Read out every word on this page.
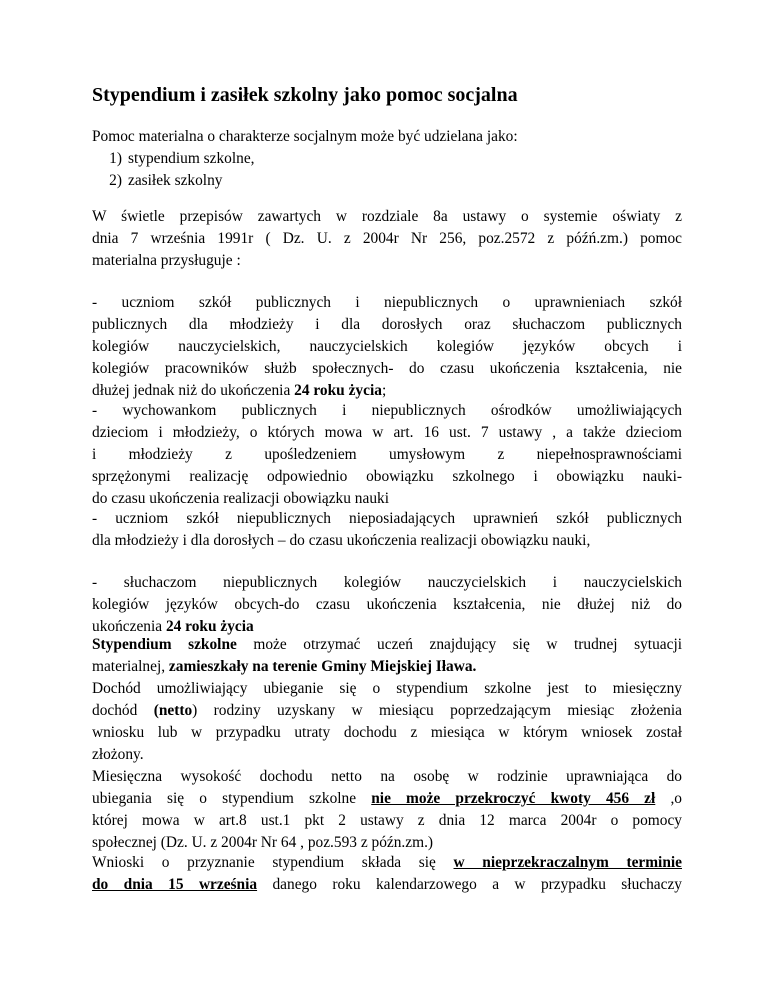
Stypendium i zasiłek szkolny jako pomoc socjalna

Pomoc materialna o charakterze socjalnym może być udzielana jako:

1) stypendium szkolne,
2) zasiłek szkolny

W świetle przepisów zawartych w rozdziale 8a ustawy o systemie oświaty z
dnia 7 września 1991r ( Dz. U. z 2004r Nr 256, poz.2572 z późń.zm.) pomoc
materialna przysługuje :

- uczniom szkół publicznych i niepublicznych o uprawnieniach szkół
publicznych dla młodzieży i dla dorosłych oraz słuchaczom publicznych
kolegiów nauczycielskich, nauczycielskich kolegiów języków obcych i
kolegiów pracowników służb społecznych- do czasu ukończenia kształcenia, nie
dłużej jednak niż do ukończenia 24 roku życia;

- wychowankom publicznych i niepublicznych ośrodków umożliwiających
dzieciom i młodzieży, o których mowa w art. 16 ust. 7 ustawy , a także dzieciom
i młodzieży z upośledzeniem umysłowym z niepełnosprawnościami
sprzężonymi realizację odpowiednio obowiązku szkolnego i obowiązku nauki-
do czasu ukończenia realizacji obowiązku nauki

- uczniom szkół niepublicznych nieposiadających uprawnień szkół publicznych
dla młodzieży i dla dorosłych – do czasu ukończenia realizacji obowiązku nauki,

- słuchaczom niepublicznych kolegiów nauczycielskich i nauczycielskich
kolegiów języków obcych-do czasu ukończenia kształcenia, nie dłużej niż do
ukończenia 24 roku życia

Stypendium szkolne może otrzymać uczeń znajdujący się w trudnej sytuacji
materialnej, zamieszkały na terenie Gminy Miejskiej Iława.
Dochód umożliwiający ubieganie się o stypendium szkolne jest to miesięczny
dochód (netto) rodziny uzyskany w miesiącu poprzedzającym miesiąc złożenia
wniosku lub w przypadku utraty dochodu z miesiąca w którym wniosek został
złożony.
Miesięczna wysokość dochodu netto na osobę w rodzinie uprawniająca do
ubiegania się o stypendium szkolne nie może przekroczyć kwoty 456 zł ,o
której mowa w art.8 ust.1 pkt 2 ustawy z dnia 12 marca 2004r o pomocy
społecznej (Dz. U. z 2004r Nr 64 , poz.593 z późn.zm.)

Wnioski o przyznanie stypendium składa się w nieprzekraczalnym terminie
do dnia 15 września danego roku kalendarzowego a w przypadku słuchaczy
